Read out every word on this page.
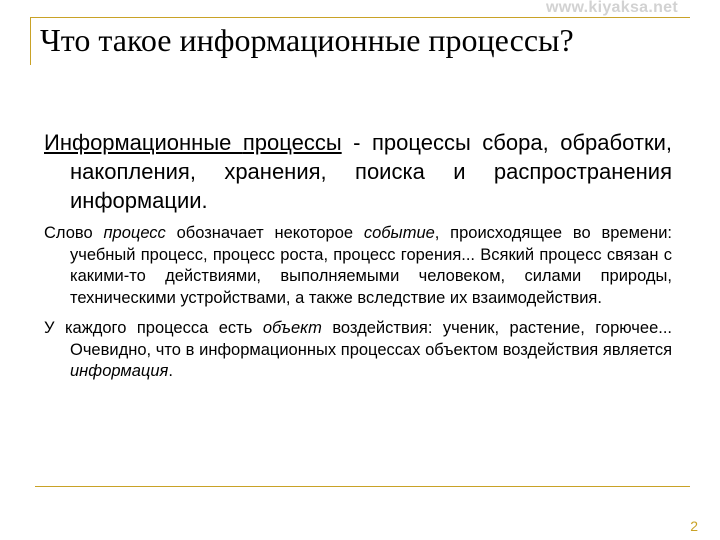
www.kiyaksa.net
Что такое информационные процессы?
Информационные процессы - процессы сбора, обработки, накопления, хранения, поиска и распространения информации.
Слово процесс обозначает некоторое событие, происходящее во времени: учебный процесс, процесс роста, процесс горения... Всякий процесс связан с какими-то действиями, выполняемыми человеком, силами природы, техническими устройствами, а также вследствие их взаимодействия.
У каждого процесса есть объект воздействия: ученик, растение, горючее... Очевидно, что в информационных процессах объектом воздействия является информация.
2
